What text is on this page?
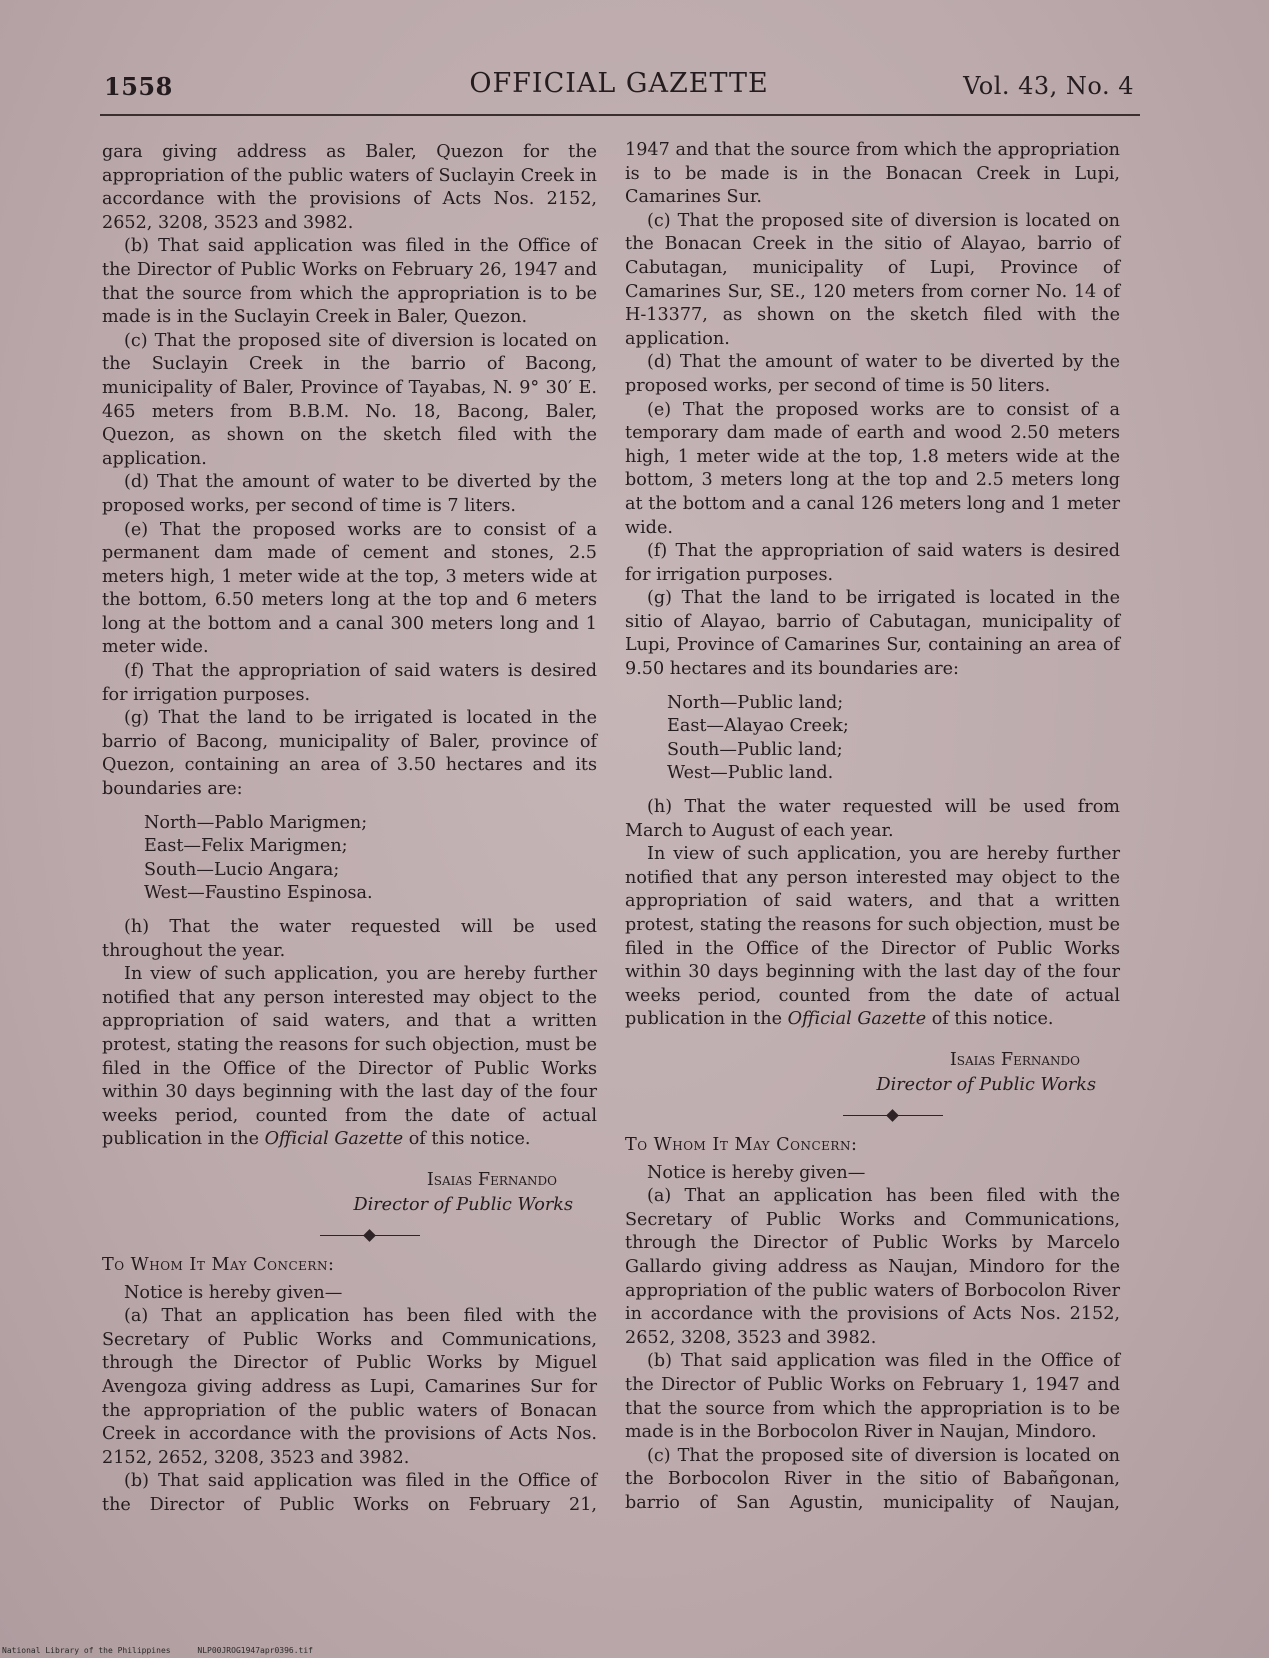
1558	OFFICIAL GAZETTE	Vol. 43, No. 4

gara giving address as Baler, Quezon for the appropriation of the public waters of Suclayin Creek in accordance with the provisions of Acts Nos. 2152, 2652, 3208, 3523 and 3982.

(b) That said application was filed in the Office of the Director of Public Works on February 26, 1947 and that the source from which the appropriation is to be made is in the Suclayin Creek in Baler, Quezon.

(c) That the proposed site of diversion is located on the Suclayin Creek in the barrio of Bacong, municipality of Baler, Province of Tayabas, N. 9° 30′ E. 465 meters from B.B.M. No. 18, Bacong, Baler, Quezon, as shown on the sketch filed with the application.

(d) That the amount of water to be diverted by the proposed works, per second of time is 7 liters.

(e) That the proposed works are to consist of a permanent dam made of cement and stones, 2.5 meters high, 1 meter wide at the top, 3 meters wide at the bottom, 6.50 meters long at the top and 6 meters long at the bottom and a canal 300 meters long and 1 meter wide.

(f) That the appropriation of said waters is desired for irrigation purposes.

(g) That the land to be irrigated is located in the barrio of Bacong, municipality of Baler, province of Quezon, containing an area of 3.50 hectares and its boundaries are:

North—Pablo Marigmen;
East—Felix Marigmen;
South—Lucio Angara;
West—Faustino Espinosa.

(h) That the water requested will be used throughout the year.

In view of such application, you are hereby further notified that any person interested may object to the appropriation of said waters, and that a written protest, stating the reasons for such objection, must be filed in the Office of the Director of Public Works within 30 days beginning with the last day of the four weeks period, counted from the date of actual publication in the Official Gazette of this notice.

Isaias Fernando
Director of Public Works
To Whom It May Concern:

Notice is hereby given—

(a) That an application has been filed with the Secretary of Public Works and Communications, through the Director of Public Works by Miguel Avengoza giving address as Lupi, Camarines Sur for the appropriation of the public waters of Bonacan Creek in accordance with the provisions of Acts Nos. 2152, 2652, 3208, 3523 and 3982.

(b) That said application was filed in the Office of the Director of Public Works on February 21,

1947 and that the source from which the appropriation is to be made is in the Bonacan Creek in Lupi, Camarines Sur.

(c) That the proposed site of diversion is located on the Bonacan Creek in the sitio of Alayao, barrio of Cabutagan, municipality of Lupi, Province of Camarines Sur, SE., 120 meters from corner No. 14 of H-13377, as shown on the sketch filed with the application.

(d) That the amount of water to be diverted by the proposed works, per second of time is 50 liters.

(e) That the proposed works are to consist of a temporary dam made of earth and wood 2.50 meters high, 1 meter wide at the top, 1.8 meters wide at the bottom, 3 meters long at the top and 2.5 meters long at the bottom and a canal 126 meters long and 1 meter wide.

(f) That the appropriation of said waters is desired for irrigation purposes.

(g) That the land to be irrigated is located in the sitio of Alayao, barrio of Cabutagan, municipality of Lupi, Province of Camarines Sur, containing an area of 9.50 hectares and its boundaries are:

North—Public land;
East—Alayao Creek;
South—Public land;
West—Public land.

(h) That the water requested will be used from March to August of each year.

In view of such application, you are hereby further notified that any person interested may object to the appropriation of said waters, and that a written protest, stating the reasons for such objection, must be filed in the Office of the Director of Public Works within 30 days beginning with the last day of the four weeks period, counted from the date of actual publication in the Official Gazette of this notice.

Isaias Fernando
Director of Public Works
To Whom It May Concern:

Notice is hereby given—

(a) That an application has been filed with the Secretary of Public Works and Communications, through the Director of Public Works by Marcelo Gallardo giving address as Naujan, Mindoro for the appropriation of the public waters of Borbocolon River in accordance with the provisions of Acts Nos. 2152, 2652, 3208, 3523 and 3982.

(b) That said application was filed in the Office of the Director of Public Works on February 1, 1947 and that the source from which the appropriation is to be made is in the Borbocolon River in Naujan, Mindoro.

(c) That the proposed site of diversion is located on the Borbocolon River in the sitio of Babañgonan, barrio of San Agustin, municipality of Naujan,

National Library of the Philippines	NLP00JROG1947apr0396.tif
